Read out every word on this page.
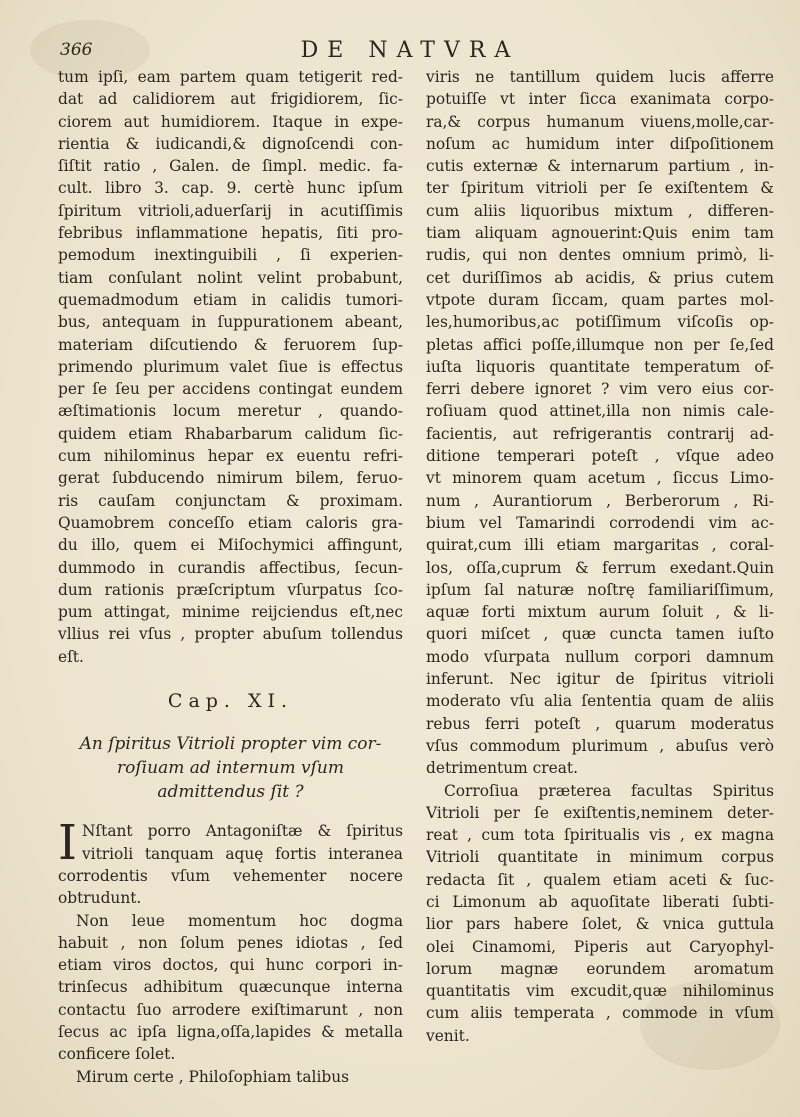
366	DE NATVRA
tum ipſi, eam partem quam tetigerit red-
dat ad calidiorem aut frigidiorem, ſic-
ciorem aut humidiorem. Itaque in expe-
rientia & iudicandi,& dignoſcendi con-
ſiſtit ratio , Galen. de ſimpl. medic. fa-
cult. libro 3. cap. 9. certè hunc ipſum
ſpiritum vitrioli,aduerſarij in acutiſſimis
febribus inflammatione hepatis, ſiti pro-
pemodum inextinguibili , ſi experien-
tiam conſulant nolint velint probabunt,
quemadmodum etiam in calidis tumori-
bus, antequam in ſuppurationem abeant,
materiam diſcutiendo & feruorem ſup-
primendo plurimum valet ſiue is effectus
per ſe ſeu per accidens contingat eundem
æſtimationis locum meretur , quando-
quidem etiam Rhabarbarum calidum ſic-
cum nihilominus hepar ex euentu refri-
gerat ſubducendo nimirum bilem, feruo-
ris cauſam conjunctam & proximam.
Quamobrem conceſſo etiam caloris gra-
du illo, quem ei Miſochymici affingunt,
dummodo in curandis affectibus, ſecun-
dum rationis præſcriptum vſurpatus ſco-
pum attingat, minime reijciendus eſt,nec
vllius rei vſus , propter abuſum tollendus
eſt.
Cap. XI.
An ſpiritus Vitrioli propter vim cor-
roſiuam ad internum vſum
admittendus ſit ?
I Nſtant porro Antagoniſtæ & ſpiritus
vitrioli tanquam aquę fortis interanea
corrodentis vſum vehementer nocere
obtrudunt.
Non leue momentum hoc dogma
habuit , non ſolum penes idiotas , ſed
etiam viros doctos, qui hunc corpori in-
trinſecus adhibitum quæcunque interna
contactu ſuo arrodere exiſtimarunt , non
ſecus ac ipſa ligna,oſſa,lapides & metalla
conficere ſolet.
Mirum certe , Philoſophiam talibus
viris ne tantillum quidem lucis afferre
potuiſſe vt inter ſicca exanimata corpo-
ra,& corpus humanum viuens,molle,car-
noſum ac humidum inter diſpoſitionem
cutis externæ & internarum partium , in-
ter ſpiritum vitrioli per ſe exiſtentem &
cum aliis liquoribus mixtum , differen-
tiam aliquam agnouerint:Quis enim tam
rudis, qui non dentes omnium primò, li-
cet duriſſimos ab acidis, & prius cutem
vtpote duram ſiccam, quam partes mol-
les,humoribus,ac potiſſimum viſcoſis op-
pletas affici poſſe,illumque non per ſe,ſed
iuſta liquoris quantitate temperatum of-
ferri debere ignoret ? vim vero eius cor-
roſiuam quod attinet,illa non nimis cale-
facientis, aut refrigerantis contrarij ad-
ditione temperari poteſt , vſque adeo
vt minorem quam acetum , ſiccus Limo-
num , Aurantiorum , Berberorum , Ri-
bium vel Tamarindi corrodendi vim ac-
quirat,cum illi etiam margaritas , coral-
los, oſſa,cuprum & ferrum exedant.Quin
ipſum ſal naturæ noſtrę familiariſſimum,
aquæ forti mixtum aurum ſoluit , & li-
quori miſcet , quæ cuncta tamen iuſto
modo vſurpata nullum corpori damnum
inferunt. Nec igitur de ſpiritus vitrioli
moderato vſu alia ſententia quam de aliis
rebus ferri poteſt , quarum moderatus
vſus commodum plurimum , abuſus verò
detrimentum creat.
Corroſiua præterea facultas Spiritus
Vitrioli per ſe exiſtentis,neminem deter-
reat , cum tota ſpiritualis vis , ex magna
Vitrioli quantitate in minimum corpus
redacta ſit , qualem etiam aceti & ſuc-
ci Limonum ab aquoſitate liberati ſubti-
lior pars habere ſolet, & vnica guttula
olei Cinamomi, Piperis aut Caryophyl-
lorum magnæ eorundem aromatum
quantitatis vim excudit,quæ nihilominus
cum aliis temperata , commode in vſum
venit.
